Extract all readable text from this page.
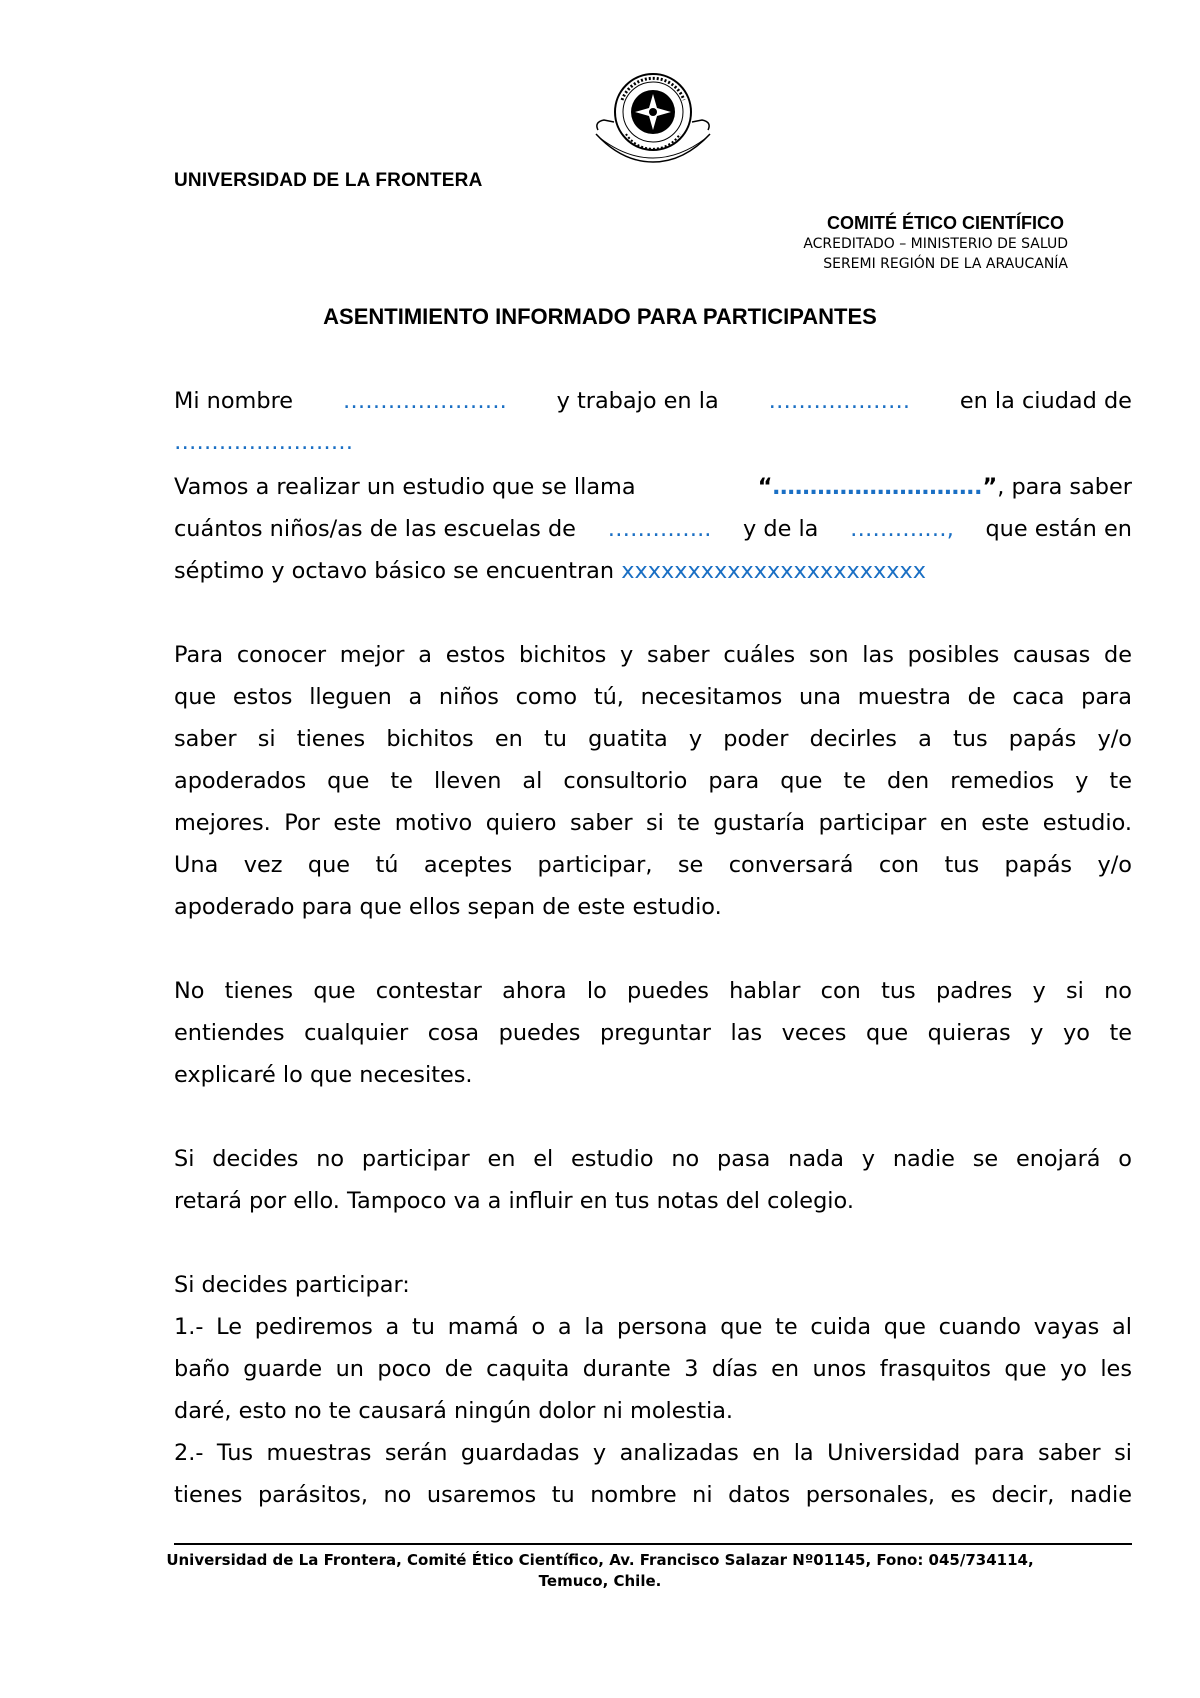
UNIVERSIDAD DE LA FRONTERA
COMITÉ ÉTICO CIENTÍFICO
ACREDITADO – MINISTERIO DE SALUD
SEREMI REGIÓN DE LA ARAUCANÍA
ASENTIMIENTO INFORMADO PARA PARTICIPANTES
Mi nombre …………………. y trabajo en la ………………. en la ciudad de
……………………
Vamos a realizar un estudio que se llama	“……………………….”, para saber
cuántos niños/as de las escuelas de ………….. y de la ……….…, que están en
séptimo y octavo básico se encuentran xxxxxxxxxxxxxxxxxxxxxxx
Para conocer mejor a estos bichitos y saber cuáles son las posibles causas de
que estos lleguen a niños como tú, necesitamos una muestra de caca para
saber si tienes bichitos en tu guatita y poder decirles a tus papás y/o
apoderados que te lleven al consultorio para que te den remedios y te
mejores. Por este motivo quiero saber si te gustaría participar en este estudio.
Una vez que tú aceptes participar, se conversará con tus papás y/o
apoderado para que ellos sepan de este estudio.
No tienes que contestar ahora lo puedes hablar con tus padres y si no
entiendes cualquier cosa puedes preguntar las veces que quieras y yo te
explicaré lo que necesites.
Si decides no participar en el estudio no pasa nada y nadie se enojará o
retará por ello. Tampoco va a influir en tus notas del colegio.
Si decides participar:
1.- Le pediremos a tu mamá o a la persona que te cuida que cuando vayas al
baño guarde un poco de caquita durante 3 días en unos frasquitos que yo les
daré, esto no te causará ningún dolor ni molestia.
2.- Tus muestras serán guardadas y analizadas en la Universidad para saber si
tienes parásitos, no usaremos tu nombre ni datos personales, es decir, nadie
Universidad de La Frontera, Comité Ético Científico, Av. Francisco Salazar Nº01145, Fono: 045/734114,
Temuco, Chile.
